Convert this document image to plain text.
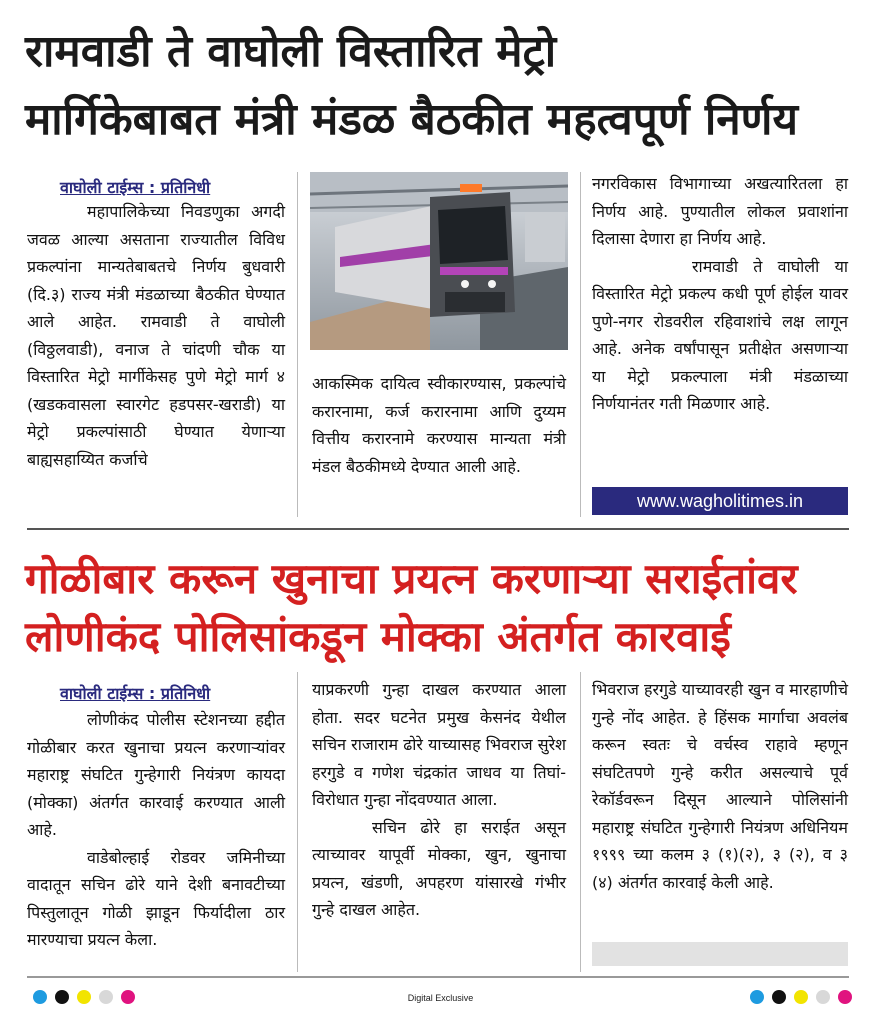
रामवाडी ते वाघोली विस्तारित मेट्रो
मार्गिकेबाबत मंत्री मंडळ बैठकीत महत्वपूर्ण निर्णय
वाघोली टाईम्स : प्रतिनिधी

महापालिकेच्या निवडणुका अगदी जवळ आल्या असताना राज्यातील विविध प्रकल्पांना मान्यतेबाबतचे निर्णय बुधवारी (दि.३) राज्य मंत्री मंडळाच्या बैठकीत घेण्यात आले आहेत. रामवाडी ते वाघोली (विठ्ठलवाडी), वनाज ते चांदणी चौक या विस्तारित मेट्रो मार्गीकेसह पुणे मेट्रो मार्ग ४ (खडकवासला स्वारगेट हडपसर-खराडी) या मेट्रो प्रकल्पांसाठी घेण्यात येणाऱ्या बाह्यसहाय्यित कर्जाचे

आकस्मिक दायित्व स्वीकारण्यास, प्रकल्पांचे करारनामा, कर्ज करारनामा आणि दुय्यम वित्तीय करारनामे करण्यास मान्यता मंत्री मंडल बैठकीमध्ये देण्यात आली आहे.

नगरविकास विभागाच्या अखत्यारितला हा निर्णय आहे. पुण्यातील लोकल प्रवाशांना दिलासा देणारा हा निर्णय आहे.

रामवाडी ते वाघोली या विस्तारित मेट्रो प्रकल्प कधी पूर्ण होईल यावर पुणे-नगर रोडवरील रहिवाशांचे लक्ष लागून आहे. अनेक वर्षांपासून प्रतीक्षेत असणाऱ्या या मेट्रो प्रकल्पाला मंत्री मंडळाच्या निर्णयानंतर गती मिळणार आहे.

www.wagholitimes.in
गोळीबार करून खुनाचा प्रयत्न करणाऱ्या सराईतांवर
लोणीकंद पोलिसांकडून मोक्का अंतर्गत कारवाई
वाघोली टाईम्स : प्रतिनिधी

लोणीकंद पोलीस स्टेशनच्या हद्दीत गोळीबार करत खुनाचा प्रयत्न करणाऱ्यांवर महाराष्ट्र संघटित गुन्हेगारी नियंत्रण कायदा (मोक्का) अंतर्गत कारवाई करण्यात आली आहे.

वाडेबोल्हाई रोडवर जमिनीच्या वादातून सचिन ढोरे याने देशी बनावटीच्या पिस्तुलातून गोळी झाडून फिर्यादीला ठार मारण्याचा प्रयत्न केला.

याप्रकरणी गुन्हा दाखल करण्यात आला होता. सदर घटनेत प्रमुख केसनंद येथील सचिन राजाराम ढोरे याच्यासह भिवराज सुरेश हरगुडे व गणेश चंद्रकांत जाधव या तिघां-विरोधात गुन्हा नोंदवण्यात आला.

सचिन ढोरे हा सराईत असून त्याच्यावर यापूर्वी मोक्का, खुन, खुनाचा प्रयत्न, खंडणी, अपहरण यांसारखे गंभीर गुन्हे दाखल आहेत.

भिवराज हरगुडे याच्यावरही खुन व मारहाणीचे गुन्हे नोंद आहेत. हे हिंसक मार्गाचा अवलंब करून स्वतः चे वर्चस्व राहावे म्हणून संघटितपणे गुन्हे करीत असल्याचे पूर्व रेकॉर्डवरून दिसून आल्याने पोलिसांनी महाराष्ट्र संघटित गुन्हेगारी नियंत्रण अधिनियम १९९९ च्या कलम ३ (१)(२), ३ (२), व ३ (४) अंतर्गत कारवाई केली आहे.

Digital Exclusive
